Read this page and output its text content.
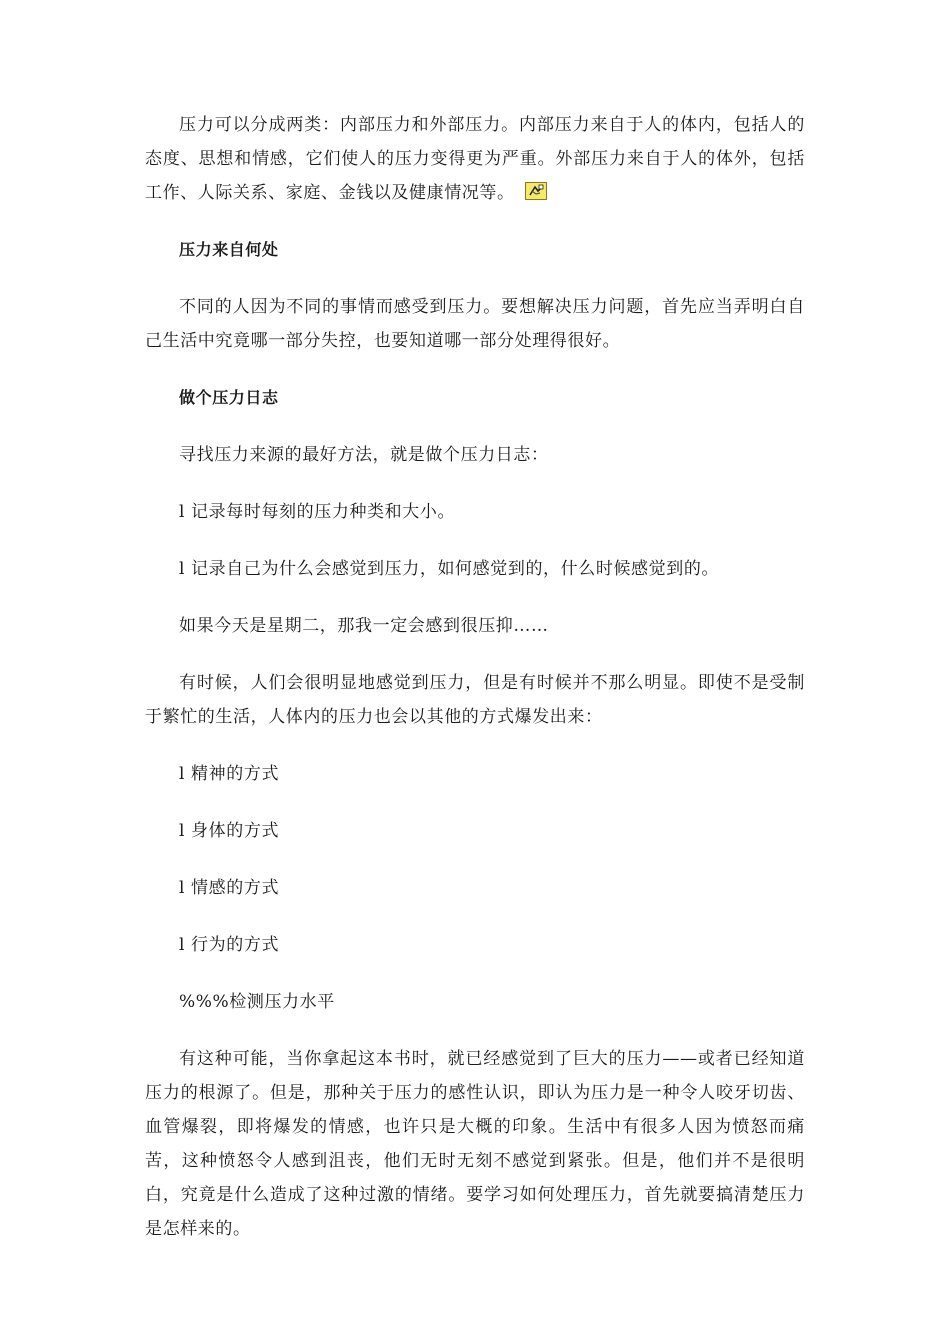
压力可以分成两类：内部压力和外部压力。内部压力来自于人的体内，包括人的态度、思想和情感，它们使人的压力变得更为严重。外部压力来自于人的体外，包括工作、人际关系、家庭、金钱以及健康情况等。

压力来自何处

不同的人因为不同的事情而感受到压力。要想解决压力问题，首先应当弄明白自己生活中究竟哪一部分失控，也要知道哪一部分处理得很好。

做个压力日志

寻找压力来源的最好方法，就是做个压力日志：

l 记录每时每刻的压力种类和大小。

l 记录自己为什么会感觉到压力，如何感觉到的，什么时候感觉到的。

如果今天是星期二，那我一定会感到很压抑……

有时候，人们会很明显地感觉到压力，但是有时候并不那么明显。即使不是受制于繁忙的生活，人体内的压力也会以其他的方式爆发出来：

l 精神的方式

l 身体的方式

l 情感的方式

l 行为的方式

%%%检测压力水平

有这种可能，当你拿起这本书时，就已经感觉到了巨大的压力——或者已经知道压力的根源了。但是，那种关于压力的感性认识，即认为压力是一种令人咬牙切齿、血管爆裂，即将爆发的情感，也许只是大概的印象。生活中有很多人因为愤怒而痛苦，这种愤怒令人感到沮丧，他们无时无刻不感觉到紧张。但是，他们并不是很明白，究竟是什么造成了这种过激的情绪。要学习如何处理压力，首先就要搞清楚压力是怎样来的。
